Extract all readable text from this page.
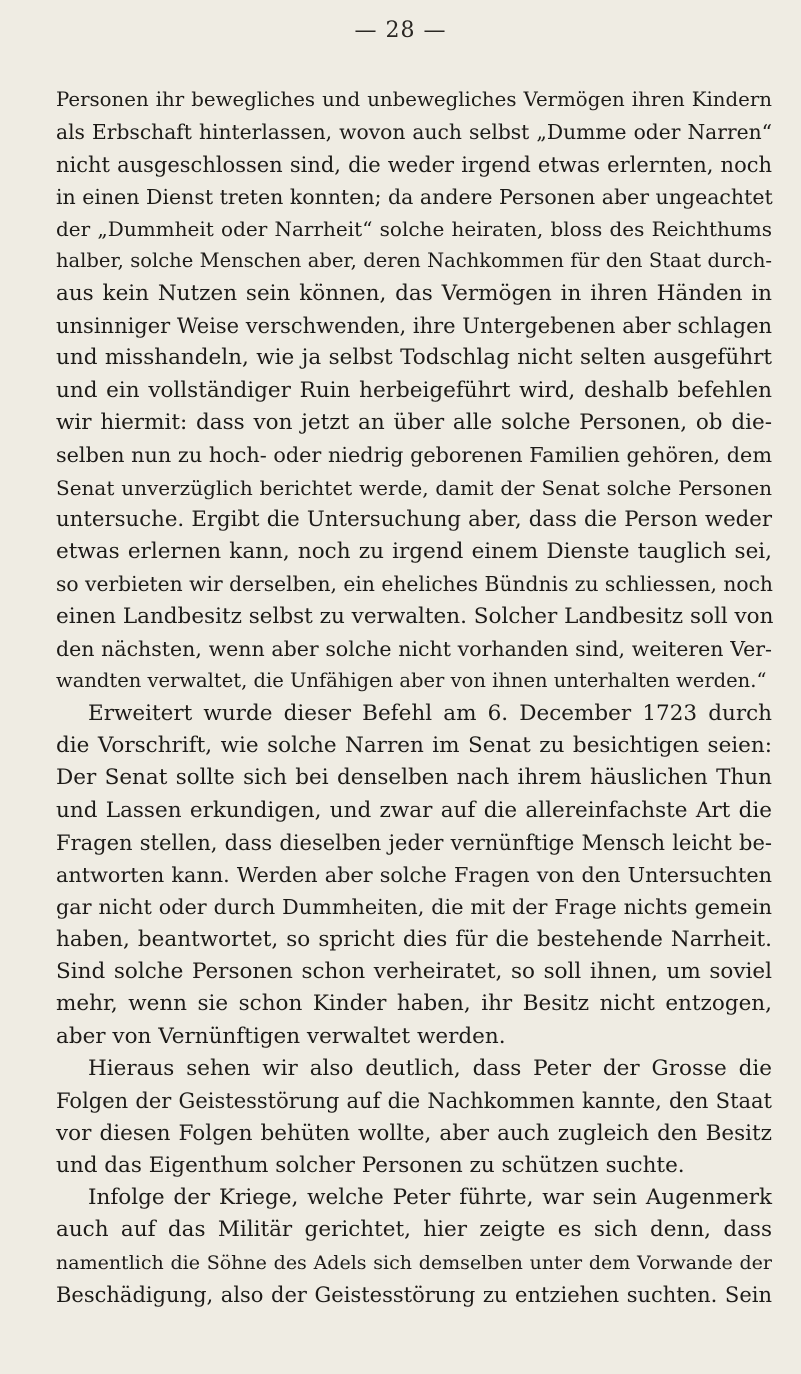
— 28 —
Personen ihr bewegliches und unbewegliches Vermögen ihren Kindern
als Erbschaft hinterlassen, wovon auch selbst „Dumme oder Narren“
nicht ausgeschlossen sind, die weder irgend etwas erlernten, noch
in einen Dienst treten konnten; da andere Personen aber ungeachtet
der „Dummheit oder Narrheit“ solche heiraten, bloss des Reichthums
halber, solche Menschen aber, deren Nachkommen für den Staat durch-
aus kein Nutzen sein können, das Vermögen in ihren Händen in
unsinniger Weise verschwenden, ihre Untergebenen aber schlagen
und misshandeln, wie ja selbst Todschlag nicht selten ausgeführt
und ein vollständiger Ruin herbeigeführt wird, deshalb befehlen
wir hiermit: dass von jetzt an über alle solche Personen, ob die-
selben nun zu hoch- oder niedrig geborenen Familien gehören, dem
Senat unverzüglich berichtet werde, damit der Senat solche Personen
untersuche. Ergibt die Untersuchung aber, dass die Person weder
etwas erlernen kann, noch zu irgend einem Dienste tauglich sei,
so verbieten wir derselben, ein eheliches Bündnis zu schliessen, noch
einen Landbesitz selbst zu verwalten. Solcher Landbesitz soll von
den nächsten, wenn aber solche nicht vorhanden sind, weiteren Ver-
wandten verwaltet, die Unfähigen aber von ihnen unterhalten werden.“
Erweitert wurde dieser Befehl am 6. December 1723 durch
die Vorschrift, wie solche Narren im Senat zu besichtigen seien:
Der Senat sollte sich bei denselben nach ihrem häuslichen Thun
und Lassen erkundigen, und zwar auf die allereinfachste Art die
Fragen stellen, dass dieselben jeder vernünftige Mensch leicht be-
antworten kann. Werden aber solche Fragen von den Untersuchten
gar nicht oder durch Dummheiten, die mit der Frage nichts gemein
haben, beantwortet, so spricht dies für die bestehende Narrheit.
Sind solche Personen schon verheiratet, so soll ihnen, um soviel
mehr, wenn sie schon Kinder haben, ihr Besitz nicht entzogen,
aber von Vernünftigen verwaltet werden.
Hieraus sehen wir also deutlich, dass Peter der Grosse die
Folgen der Geistesstörung auf die Nachkommen kannte, den Staat
vor diesen Folgen behüten wollte, aber auch zugleich den Besitz
und das Eigenthum solcher Personen zu schützen suchte.
Infolge der Kriege, welche Peter führte, war sein Augenmerk
auch auf das Militär gerichtet, hier zeigte es sich denn, dass
namentlich die Söhne des Adels sich demselben unter dem Vorwande der
Beschädigung, also der Geistesstörung zu entziehen suchten. Sein
